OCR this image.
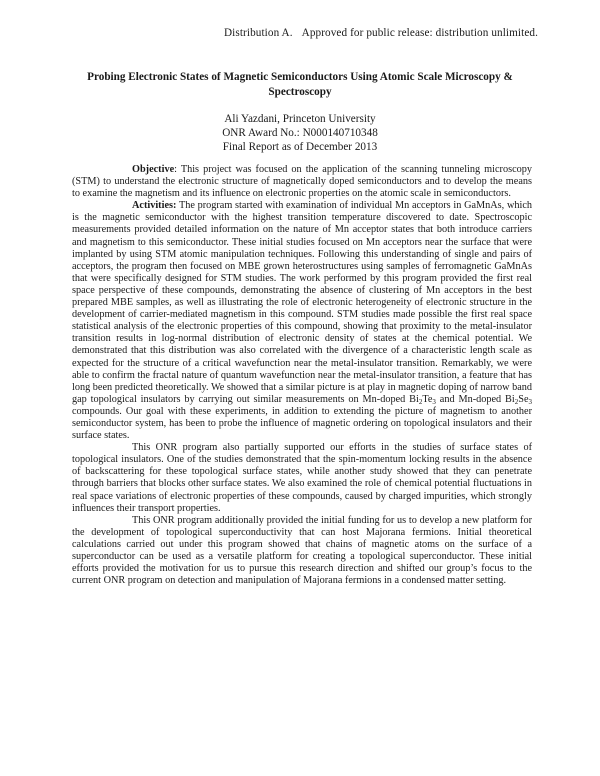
Distribution A. Approved for public release: distribution unlimited.
Probing Electronic States of Magnetic Semiconductors Using Atomic Scale Microscopy & Spectroscopy
Ali Yazdani, Princeton University
ONR Award No.: N000140710348
Final Report as of December 2013

Objective: This project was focused on the application of the scanning tunneling microscopy (STM) to understand the electronic structure of magnetically doped semiconductors and to develop the means to examine the magnetism and its influence on electronic properties on the atomic scale in semiconductors.

Activities: The program started with examination of individual Mn acceptors in GaMnAs, which is the magnetic semiconductor with the highest transition temperature discovered to date. Spectroscopic measurements provided detailed information on the nature of Mn acceptor states that both introduce carriers and magnetism to this semiconductor. These initial studies focused on Mn acceptors near the surface that were implanted by using STM atomic manipulation techniques. Following this understanding of single and pairs of acceptors, the program then focused on MBE grown heterostructures using samples of ferromagnetic GaMnAs that were specifically designed for STM studies. The work performed by this program provided the first real space perspective of these compounds, demonstrating the absence of clustering of Mn acceptors in the best prepared MBE samples, as well as illustrating the role of electronic heterogeneity of electronic structure in the development of carrier-mediated magnetism in this compound. STM studies made possible the first real space statistical analysis of the electronic properties of this compound, showing that proximity to the metal-insulator transition results in log-normal distribution of electronic density of states at the chemical potential. We demonstrated that this distribution was also correlated with the divergence of a characteristic length scale as expected for the structure of a critical wavefunction near the metal-insulator transition. Remarkably, we were able to confirm the fractal nature of quantum wavefunction near the metal-insulator transition, a feature that has long been predicted theoretically. We showed that a similar picture is at play in magnetic doping of narrow band gap topological insulators by carrying out similar measurements on Mn-doped $Bi_2Te_3$ and Mn-doped $Bi_2Se_3$ compounds. Our goal with these experiments, in addition to extending the picture of magnetism to another semiconductor system, has been to probe the influence of magnetic ordering on topological insulators and their surface states.

This ONR program also partially supported our efforts in the studies of surface states of topological insulators. One of the studies demonstrated that the spin-momentum locking results in the absence of backscattering for these topological surface states, while another study showed that they can penetrate through barriers that blocks other surface states. We also examined the role of chemical potential fluctuations in real space variations of electronic properties of these compounds, caused by charged impurities, which strongly influences their transport properties.

This ONR program additionally provided the initial funding for us to develop a new platform for the development of topological superconductivity that can host Majorana fermions. Initial theoretical calculations carried out under this program showed that chains of magnetic atoms on the surface of a superconductor can be used as a versatile platform for creating a topological superconductor. These initial efforts provided the motivation for us to pursue this research direction and shifted our group’s focus to the current ONR program on detection and manipulation of Majorana fermions in a condensed matter setting.
